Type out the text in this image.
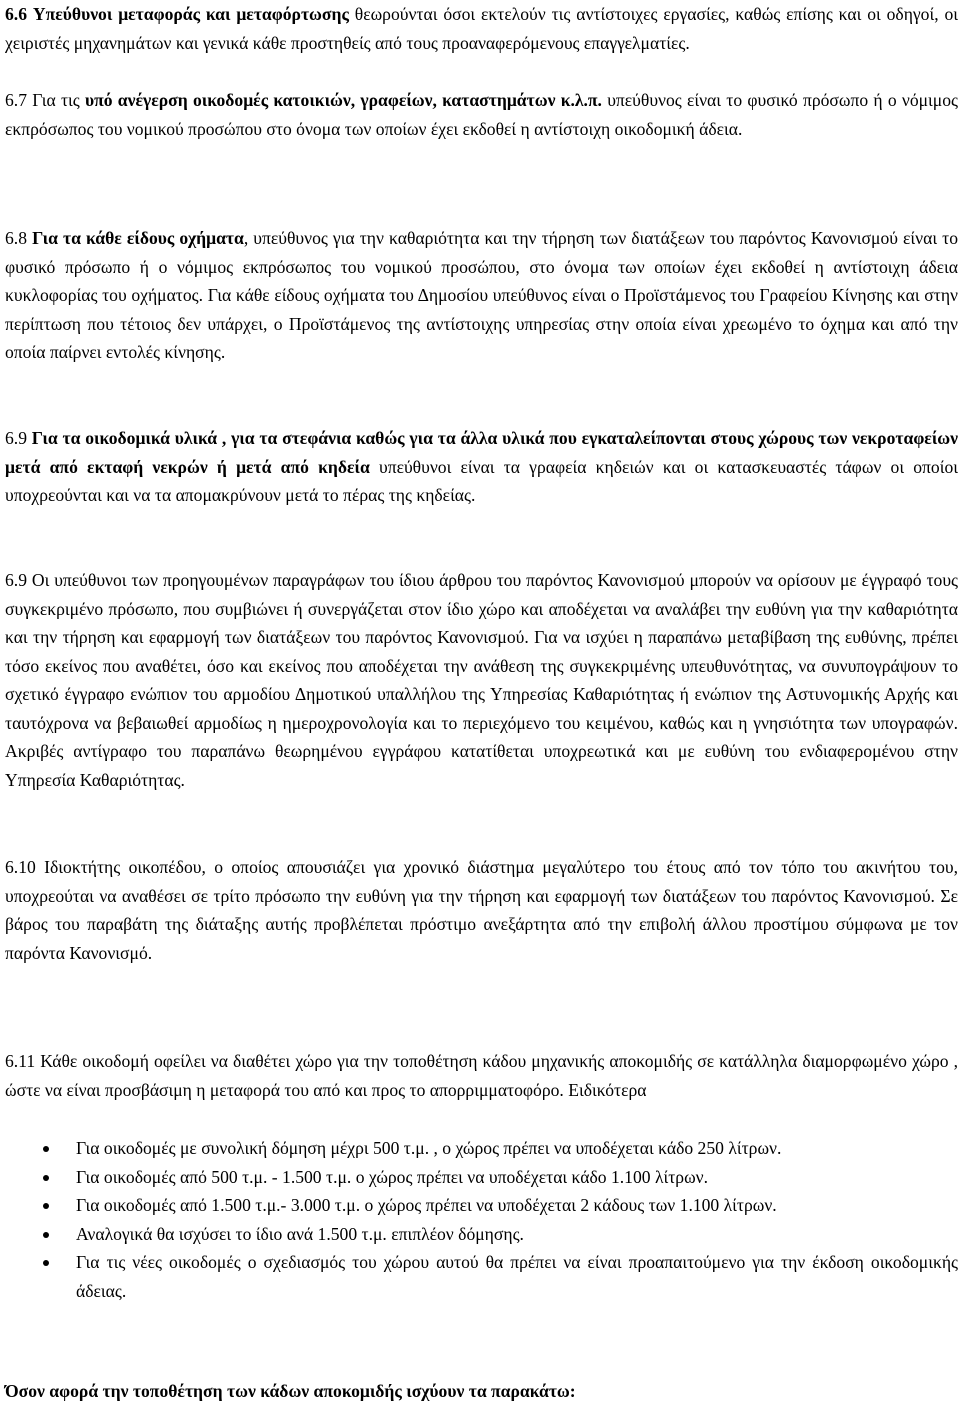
6.6 Υπεύθυνοι μεταφοράς και μεταφόρτωσης θεωρούνται όσοι εκτελούν τις αντίστοιχες εργασίες, καθώς επίσης και οι οδηγοί, οι χειριστές μηχανημάτων και γενικά κάθε προστηθείς από τους προαναφερόμενους επαγγελματίες.

6.7 Για τις υπό ανέγερση οικοδομές κατοικιών, γραφείων, καταστημάτων κ.λ.π. υπεύθυνος είναι το φυσικό πρόσωπο ή ο νόμιμος εκπρόσωπος του νομικού προσώπου στο όνομα των οποίων έχει εκδοθεί η αντίστοιχη οικοδομική άδεια.

6.8 Για τα κάθε είδους οχήματα, υπεύθυνος για την καθαριότητα και την τήρηση των διατάξεων του παρόντος Κανονισμού είναι το φυσικό πρόσωπο ή ο νόμιμος εκπρόσωπος του νομικού προσώπου, στο όνομα των οποίων έχει εκδοθεί η αντίστοιχη άδεια κυκλοφορίας του οχήματος. Για κάθε είδους οχήματα του Δημοσίου υπεύθυνος είναι ο Προϊστάμενος του Γραφείου Κίνησης και στην περίπτωση που τέτοιος δεν υπάρχει, ο Προϊστάμενος της αντίστοιχης υπηρεσίας στην οποία είναι χρεωμένο το όχημα και από την οποία παίρνει εντολές κίνησης.

6.9 Για τα οικοδομικά υλικά , για τα στεφάνια καθώς για τα άλλα υλικά που εγκαταλείπονται στους χώρους των νεκροταφείων μετά από εκταφή νεκρών ή μετά από κηδεία υπεύθυνοι είναι τα γραφεία κηδειών και οι κατασκευαστές τάφων οι οποίοι υποχρεούνται και να τα απομακρύνουν μετά το πέρας της κηδείας.

6.9 Οι υπεύθυνοι των προηγουμένων παραγράφων του ίδιου άρθρου του παρόντος Κανονισμού μπορούν να ορίσουν με έγγραφό τους συγκεκριμένο πρόσωπο, που συμβιώνει ή συνεργάζεται στον ίδιο χώρο και αποδέχεται να αναλάβει την ευθύνη για την καθαριότητα και την τήρηση και εφαρμογή των διατάξεων του παρόντος Κανονισμού. Για να ισχύει η παραπάνω μεταβίβαση της ευθύνης, πρέπει τόσο εκείνος που αναθέτει, όσο και εκείνος που αποδέχεται την ανάθεση της συγκεκριμένης υπευθυνότητας, να συνυπογράψουν το σχετικό έγγραφο ενώπιον του αρμοδίου Δημοτικού υπαλλήλου της Υπηρεσίας Καθαριότητας ή ενώπιον της Αστυνομικής Αρχής και ταυτόχρονα να βεβαιωθεί αρμοδίως η ημεροχρονολογία και το περιεχόμενο του κειμένου, καθώς και η γνησιότητα των υπογραφών. Ακριβές αντίγραφο του παραπάνω θεωρημένου εγγράφου κατατίθεται υποχρεωτικά και με ευθύνη του ενδιαφερομένου στην Υπηρεσία Καθαριότητας.

6.10 Ιδιοκτήτης οικοπέδου, ο οποίος απουσιάζει για χρονικό διάστημα μεγαλύτερο του έτους από τον τόπο του ακινήτου του, υποχρεούται να αναθέσει σε τρίτο πρόσωπο την ευθύνη για την τήρηση και εφαρμογή των διατάξεων του παρόντος Κανονισμού. Σε βάρος του παραβάτη της διάταξης αυτής προβλέπεται πρόστιμο ανεξάρτητα από την επιβολή άλλου προστίμου σύμφωνα με τον παρόντα Κανονισμό.

6.11 Κάθε οικοδομή οφείλει να διαθέτει χώρο για την τοποθέτηση κάδου μηχανικής αποκομιδής σε κατάλληλα διαμορφωμένο χώρο , ώστε να είναι προσβάσιμη η μεταφορά του από και προς το απορριμματοφόρο. Ειδικότερα

Για οικοδομές με συνολική δόμηση μέχρι 500 τ.μ. , ο χώρος πρέπει να υποδέχεται κάδο 250 λίτρων.
Για οικοδομές από 500 τ.μ. - 1.500 τ.μ. ο χώρος πρέπει να υποδέχεται κάδο 1.100 λίτρων.
Για οικοδομές από 1.500 τ.μ.- 3.000 τ.μ. ο χώρος πρέπει να υποδέχεται 2 κάδους των 1.100 λίτρων.
Αναλογικά θα ισχύσει το ίδιο ανά 1.500 τ.μ. επιπλέον δόμησης.
Για τις νέες οικοδομές ο σχεδιασμός του χώρου αυτού θα πρέπει να είναι προαπαιτούμενο για την έκδοση οικοδομικής άδειας.

Όσον αφορά την τοποθέτηση των κάδων αποκομιδής ισχύουν τα παρακάτω:
